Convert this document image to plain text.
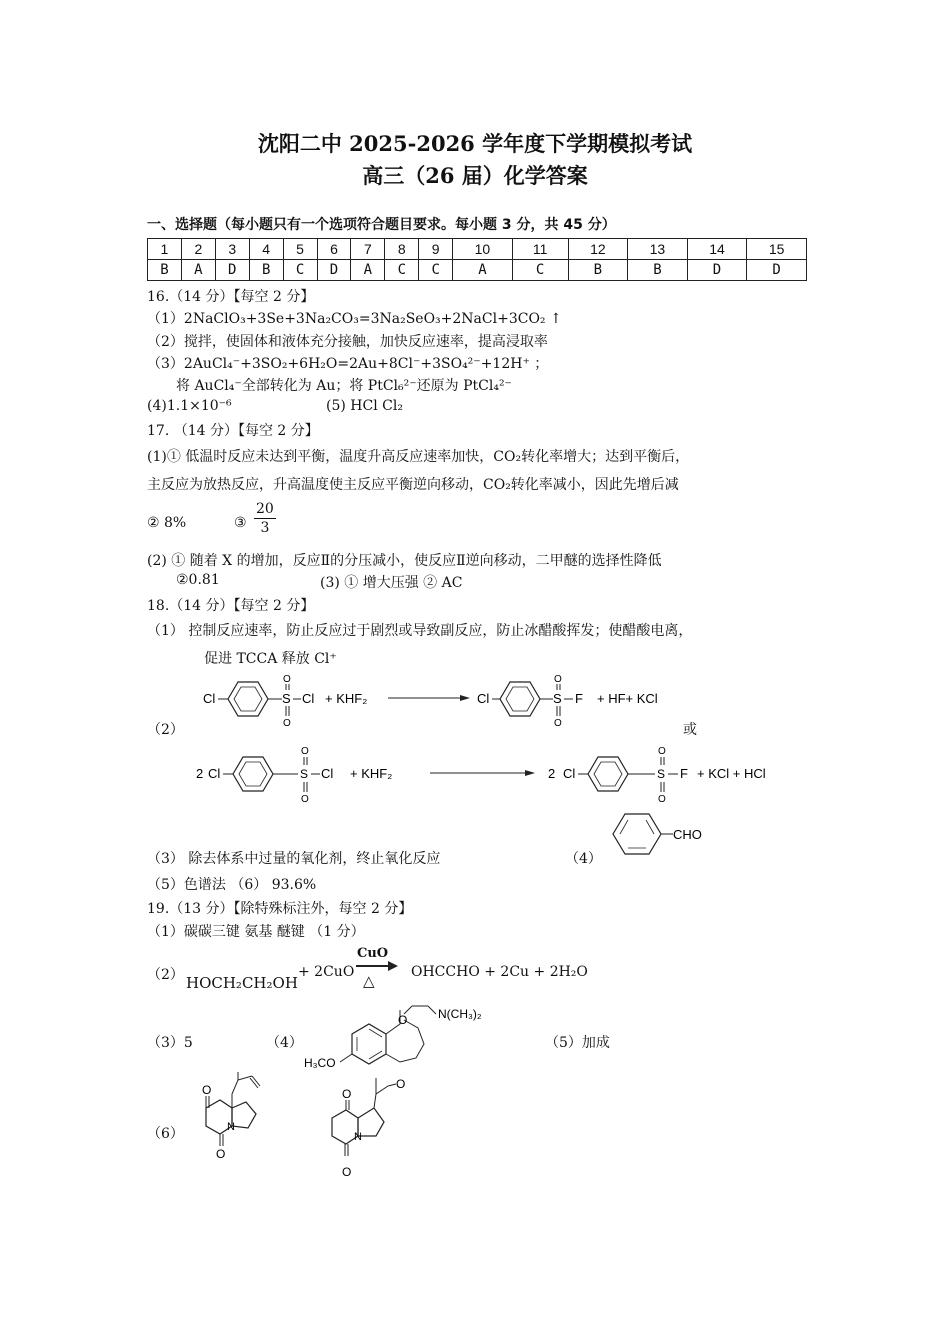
沈阳二中 2025-2026 学年度下学期模拟考试
高三（26 届）化学答案
一、选择题（每小题只有一个选项符合题目要求。每小题 3 分，共 45 分）
1	2	3	4	5	6	7	8	9	10	11	12	13	14	15
B	A	D	B	C	D	A	C	C	A	C	B	B	D	D
16.（14 分）【每空 2 分】
（1）2NaClO₃+3Se+3Na₂CO₃=3Na₂SeO₃+2NaCl+3CO₂ ↑
（2）搅拌，使固体和液体充分接触，加快反应速率，提高浸取率
（3）2AuCl₄⁻+3SO₂+6H₂O=2Au+8Cl⁻+3SO₄²⁻+12H⁺ ；
将 AuCl₄⁻全部转化为 Au；将 PtCl₆²⁻还原为 PtCl₄²⁻
(4)1.1×10⁻⁶	(5) HCl Cl₂
17. （14 分）【每空 2 分】
(1)① 低温时反应未达到平衡，温度升高反应速率加快，CO₂转化率增大；达到平衡后，
主反应为放热反应，升高温度使主反应平衡逆向移动，CO₂转化率减小，因此先增后减
② 8%	③ $\frac{20}{3}$
(2) ① 随着 X 的增加，反应Ⅱ的分压减小，使反应Ⅱ逆向移动，二甲醚的选择性降低
②0.81	(3) ① 增大压强 ② AC
18.（14 分）【每空 2 分】
（1） 控制反应速率，防止反应过于剧烈或导致副反应，防止冰醋酸挥发；使醋酸电离，
促进 TCCA 释放 Cl⁺
（2）	或
Cl	S
O
O
Cl + KHF₂	Cl	S
O
O
F + HF+ KCl
2 Cl	S
O
O
Cl + KHF₂	2 Cl	S
O
O
F + KCl + HCl
CHO
（3） 除去体系中过量的氧化剂，终止氧化反应	（4）
（5）色谱法 （6） 93.6%
19.（13 分）【除特殊标注外，每空 2 分】
（1）碳碳三键 氨基 醚键 （1 分）
（2） HOCH₂CH₂OH
+ 2CuO
CuO
△	OHCCHO + 2Cu + 2H₂O
（3）5	（4）	（5）加成
H₃CO
O	N(CH₃)₂
（6）
O
O
N
O
O
O
N
